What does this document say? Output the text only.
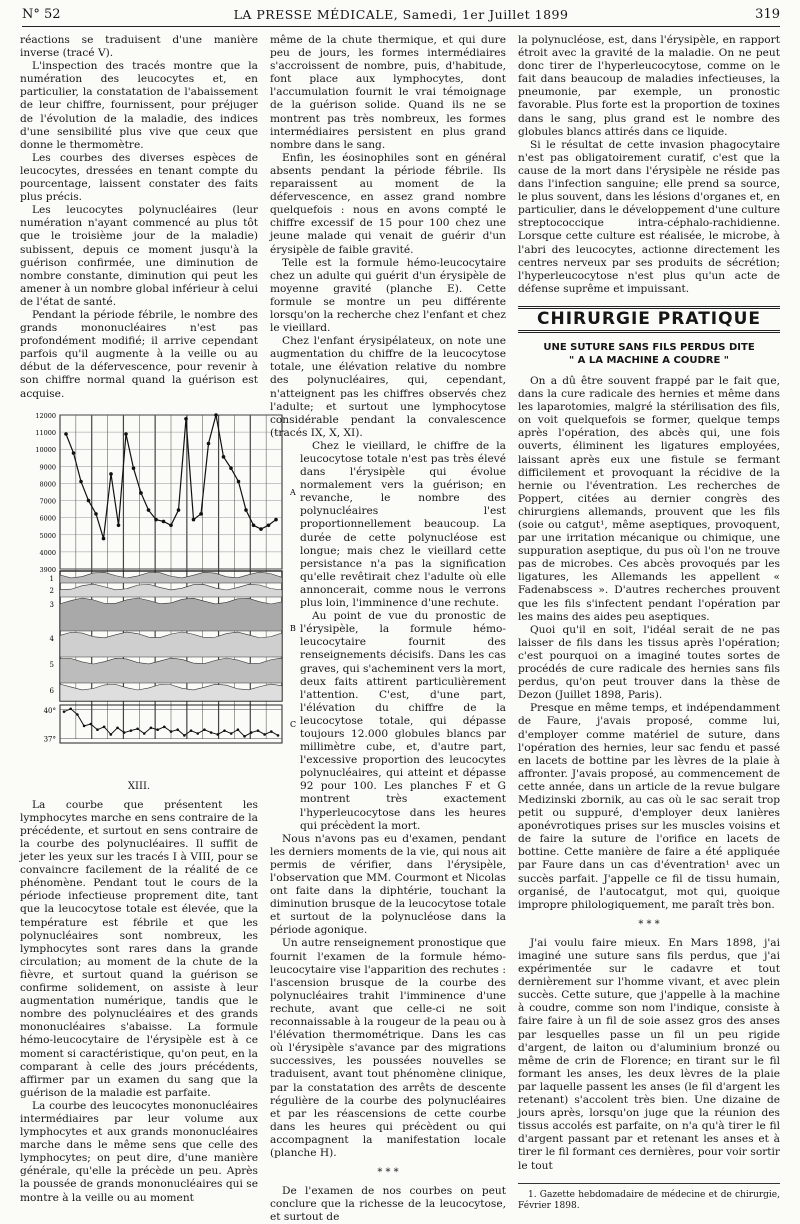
N° 52	LA PRESSE MÉDICALE, Samedi, 1er Juillet 1899	319

réactions se traduisent d'une manière inverse (tracé V).

L'inspection des tracés montre que la numération des leucocytes et, en particulier, la constatation de l'abaissement de leur chiffre, fournissent, pour préjuger de l'évolution de la maladie, des indices d'une sensibilité plus vive que ceux que donne le thermomètre.

Les courbes des diverses espèces de leucocytes, dressées en tenant compte du pourcentage, laissent constater des faits plus précis.

Les leucocytes polynucléaires (leur numération n'ayant commencé au plus tôt que le troisième jour de la maladie) subissent, depuis ce moment jusqu'à la guérison confirmée, une diminution de nombre constante, diminution qui peut les amener à un nombre global inférieur à celui de l'état de santé.

Pendant la période fébrile, le nombre des grands mononucléaires n'est pas profondément modifié; il arrive cependant parfois qu'il augmente à la veille ou au début de la défervescence, pour revenir à son chiffre normal quand la guérison est acquise.

12000
11000
10000
9000
8000
7000
6000
5000
4000
3900
A
1
2
3
4
5
6
B
40°
37°
C
XIII.

La courbe que présentent les lymphocytes marche en sens contraire de la précédente, et surtout en sens contraire de la courbe des polynucléaires. Il suffit de jeter les yeux sur les tracés I à VIII, pour se convaincre facilement de la réalité de ce phénomène. Pendant tout le cours de la période infectieuse proprement dite, tant que la leucocytose totale est élevée, que la température est fébrile et que les polynucléaires sont nombreux, les lymphocytes sont rares dans la grande circulation; au moment de la chute de la fièvre, et surtout quand la guérison se confirme solidement, on assiste à leur augmentation numérique, tandis que le nombre des polynucléaires et des grands mononucléaires s'abaisse. La formule hémo-leucocytaire de l'érysipèle est à ce moment si caractéristique, qu'on peut, en la comparant à celle des jours précédents, affirmer par un examen du sang que la guérison de la maladie est parfaite.

La courbe des leucocytes mononucléaires intermédiaires par leur volume aux lymphocytes et aux grands mononucléaires marche dans le même sens que celle des lymphocytes; on peut dire, d'une manière générale, qu'elle la précède un peu. Après la poussée de grands mononucléaires qui se montre à la veille ou au moment

même de la chute thermique, et qui dure peu de jours, les formes intermédiaires s'accroissent de nombre, puis, d'habitude, font place aux lymphocytes, dont l'accumulation fournit le vrai témoignage de la guérison solide. Quand ils ne se montrent pas très nombreux, les formes intermédiaires persistent en plus grand nombre dans le sang.

Enfin, les éosinophiles sont en général absents pendant la période fébrile. Ils reparaissent au moment de la défervescence, en assez grand nombre quelquefois : nous en avons compté le chiffre excessif de 15 pour 100 chez une jeune malade qui venait de guérir d'un érysipèle de faible gravité.

Telle est la formule hémo-leucocytaire chez un adulte qui guérit d'un érysipèle de moyenne gravité (planche E). Cette formule se montre un peu différente lorsqu'on la recherche chez l'enfant et chez le vieillard.

Chez l'enfant érysipélateux, on note une augmentation du chiffre de la leucocytose totale, une élévation relative du nombre des polynucléaires, qui, cependant, n'atteignent pas les chiffres observés chez l'adulte; et surtout une lymphocytose considérable pendant la convalescence (tracés IX, X, XI).

Chez le vieillard, le chiffre de la leucocytose totale n'est pas très élevé dans l'érysipèle qui évolue normalement vers la guérison; en revanche, le nombre des polynucléaires l'est proportionnellement beaucoup. La durée de cette polynucléose est longue; mais chez le vieillard cette persistance n'a pas la signification qu'elle revêtirait chez l'adulte où elle annoncerait, comme nous le verrons plus loin, l'imminence d'une rechute.

Au point de vue du pronostic de l'érysipèle, la formule hémo-leucocytaire fournit des renseignements décisifs. Dans les cas graves, qui s'acheminent vers la mort, deux faits attirent particulièrement l'attention. C'est, d'une part, l'élévation du chiffre de la leucocytose totale, qui dépasse toujours 12.000 globules blancs par millimètre cube, et, d'autre part, l'excessive proportion des leucocytes polynucléaires, qui atteint et dépasse 92 pour 100. Les planches F et G montrent très exactement l'hyperleucocytose dans les heures qui précèdent la mort.

Nous n'avons pas eu d'examen, pendant les derniers moments de la vie, qui nous ait permis de vérifier, dans l'érysipèle, l'observation que MM. Courmont et Nicolas ont faite dans la diphtérie, touchant la diminution brusque de la leucocytose totale et surtout de la polynucléose dans la période agonique.

Un autre renseignement pronostique que fournit l'examen de la formule hémo-leucocytaire vise l'apparition des rechutes : l'ascension brusque de la courbe des polynucléaires trahit l'imminence d'une rechute, avant que celle-ci ne soit reconnaissable à la rougeur de la peau ou à l'élévation thermométrique. Dans les cas où l'érysipèle s'avance par des migrations successives, les poussées nouvelles se traduisent, avant tout phénomène clinique, par la constatation des arrêts de descente régulière de la courbe des polynucléaires et par les réascensions de cette courbe dans les heures qui précèdent ou qui accompagnent la manifestation locale (planche H).

* * *

De l'examen de nos courbes on peut conclure que la richesse de la leucocytose, et surtout de

la polynucléose, est, dans l'érysipèle, en rapport étroit avec la gravité de la maladie. On ne peut donc tirer de l'hyperleucocytose, comme on le fait dans beaucoup de maladies infectieuses, la pneumonie, par exemple, un pronostic favorable. Plus forte est la proportion de toxines dans le sang, plus grand est le nombre des globules blancs attirés dans ce liquide.

Si le résultat de cette invasion phagocytaire n'est pas obligatoirement curatif, c'est que la cause de la mort dans l'érysipèle ne réside pas dans l'infection sanguine; elle prend sa source, le plus souvent, dans les lésions d'organes et, en particulier, dans le développement d'une culture streptococcique intra-céphalo-rachidienne. Lorsque cette culture est réalisée, le microbe, à l'abri des leucocytes, actionne directement les centres nerveux par ses produits de sécrétion; l'hyperleucocytose n'est plus qu'un acte de défense suprême et impuissant.

CHIRURGIE PRATIQUE
UNE SUTURE SANS FILS PERDUS DITE
" A LA MACHINE A COUDRE "

On a dû être souvent frappé par le fait que, dans la cure radicale des hernies et même dans les laparotomies, malgré la stérilisation des fils, on voit quelquefois se former, quelque temps après l'opération, des abcès qui, une fois ouverts, éliminent les ligatures employées, laissant après eux une fistule se fermant difficilement et provoquant la récidive de la hernie ou l'éventration. Les recherches de Poppert, citées au dernier congrès des chirurgiens allemands, prouvent que les fils (soie ou catgut¹, même aseptiques, provoquent, par une irritation mécanique ou chimique, une suppuration aseptique, du pus où l'on ne trouve pas de microbes. Ces abcès provoqués par les ligatures, les Allemands les appellent « Fadenabscess ». D'autres recherches prouvent que les fils s'infectent pendant l'opération par les mains des aides peu aseptiques.

Quoi qu'il en soit, l'idéal serait de ne pas laisser de fils dans les tissus après l'opération; c'est pourquoi on a imaginé toutes sortes de procédés de cure radicale des hernies sans fils perdus, qu'on peut trouver dans la thèse de Dezon (Juillet 1898, Paris).

Presque en même temps, et indépendamment de Faure, j'avais proposé, comme lui, d'employer comme matériel de suture, dans l'opération des hernies, leur sac fendu et passé en lacets de bottine par les lèvres de la plaie à affronter. J'avais proposé, au commencement de cette année, dans un article de la revue bulgare Medizinski zbornik, au cas où le sac serait trop petit ou suppuré, d'employer deux lanières aponévrotiques prises sur les muscles voisins et de faire la suture de l'orifice en lacets de bottine. Cette manière de faire a été appliquée par Faure dans un cas d'éventration¹ avec un succès parfait. J'appelle ce fil de tissu humain, organisé, de l'autocatgut, mot qui, quoique impropre philologiquement, me paraît très bon.

* * *

J'ai voulu faire mieux. En Mars 1898, j'ai imaginé une suture sans fils perdus, que j'ai expérimentée sur le cadavre et tout dernièrement sur l'homme vivant, et avec plein succès. Cette suture, que j'appelle à la machine à coudre, comme son nom l'indique, consiste à faire faire à un fil de soie assez gros des anses par lesquelles passe un fil un peu rigide d'argent, de laiton ou d'aluminium bronzé ou même de crin de Florence; en tirant sur le fil formant les anses, les deux lèvres de la plaie par laquelle passent les anses (le fil d'argent les retenant) s'accolent très bien. Une dizaine de jours après, lorsqu'on juge que la réunion des tissus accolés est parfaite, on n'a qu'à tirer le fil d'argent passant par et retenant les anses et à tirer le fil formant ces dernières, pour voir sortir le tout

1. Gazette hebdomadaire de médecine et de chirurgie, Février 1898.
